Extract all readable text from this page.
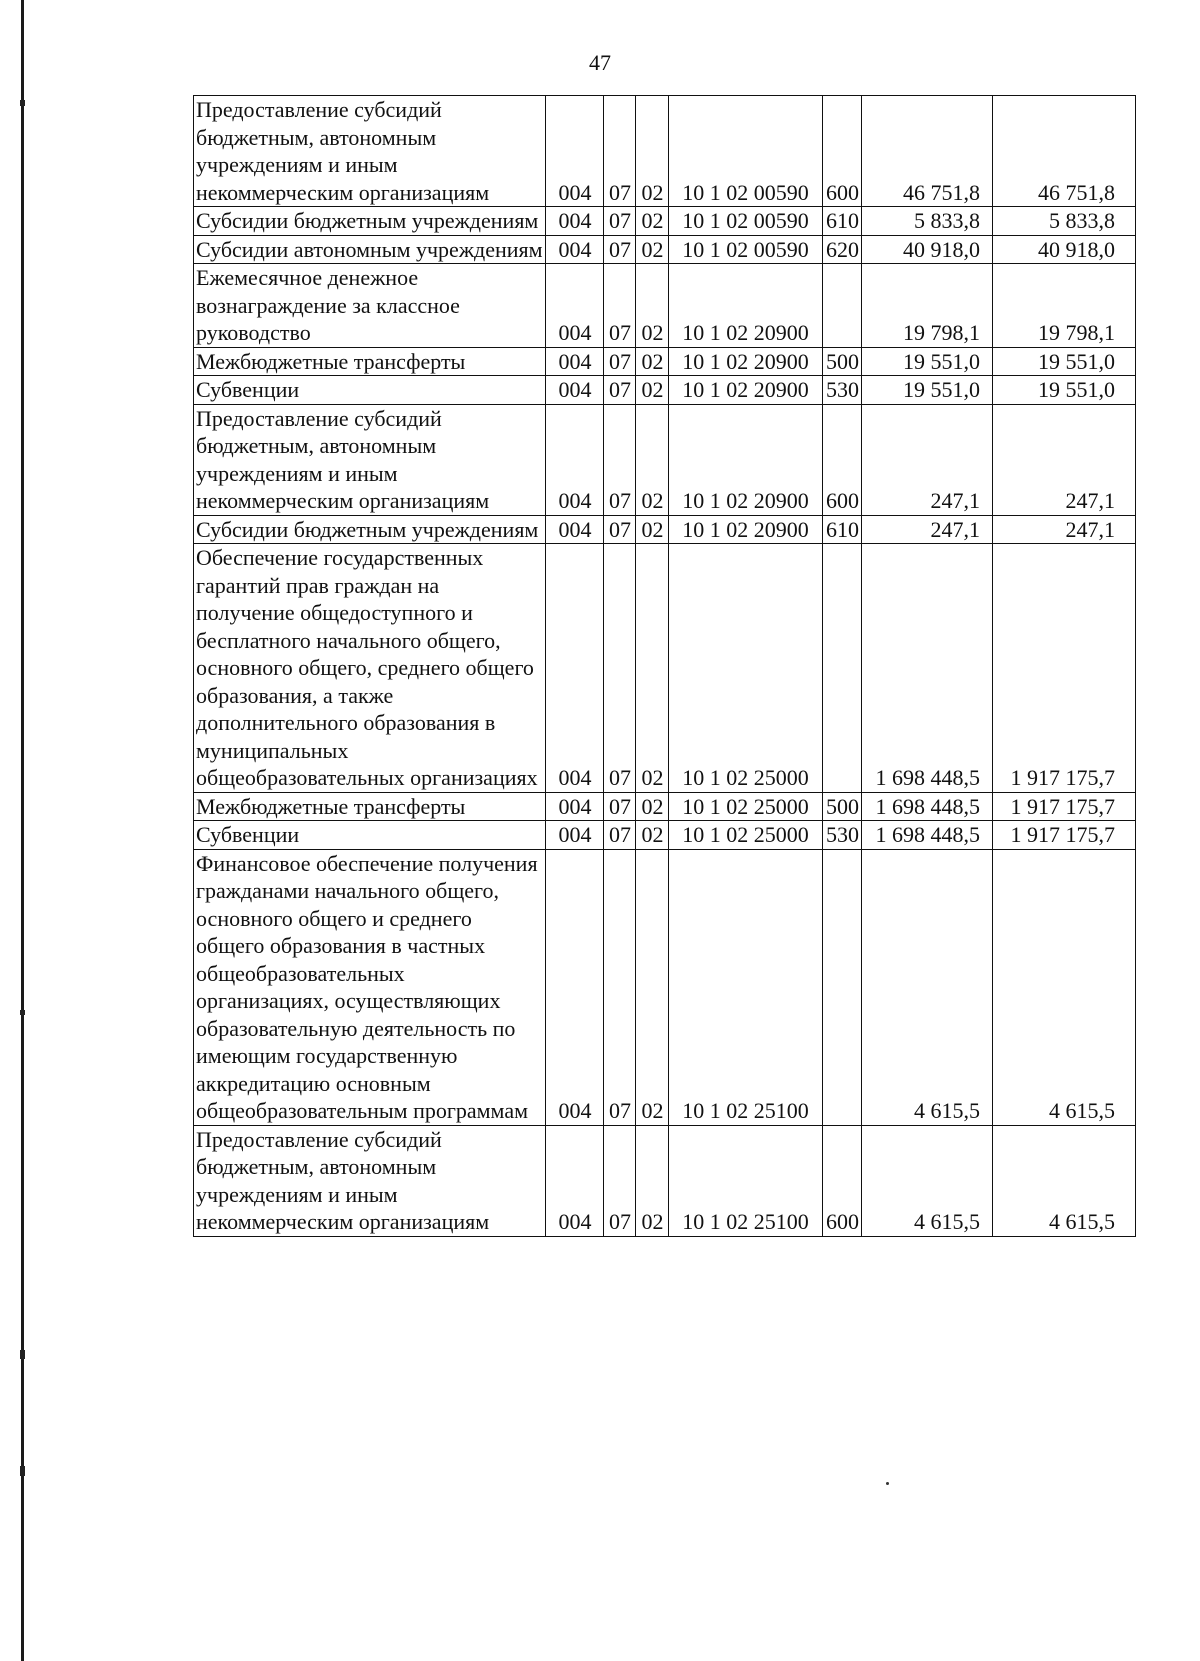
47
Предоставление субсидий бюджетным, автономным учреждениям и иным некоммерческим организациям	004	07	02	10 1 02 00590	600	46 751,8	46 751,8
Субсидии бюджетным учреждениям	004	07	02	10 1 02 00590	610	5 833,8	5 833,8
Субсидии автономным учреждениям	004	07	02	10 1 02 00590	620	40 918,0	40 918,0
Ежемесячное денежное вознаграждение за классное руководство	004	07	02	10 1 02 20900		19 798,1	19 798,1
Межбюджетные трансферты	004	07	02	10 1 02 20900	500	19 551,0	19 551,0
Субвенции	004	07	02	10 1 02 20900	530	19 551,0	19 551,0
Предоставление субсидий бюджетным, автономным учреждениям и иным некоммерческим организациям	004	07	02	10 1 02 20900	600	247,1	247,1
Субсидии бюджетным учреждениям	004	07	02	10 1 02 20900	610	247,1	247,1
Обеспечение государственных гарантий прав граждан на получение общедоступного и бесплатного начального общего, основного общего, среднего общего образования, а также дополнительного образования в муниципальных общеобразовательных организациях	004	07	02	10 1 02 25000		1 698 448,5	1 917 175,7
Межбюджетные трансферты	004	07	02	10 1 02 25000	500	1 698 448,5	1 917 175,7
Субвенции	004	07	02	10 1 02 25000	530	1 698 448,5	1 917 175,7
Финансовое обеспечение получения гражданами начального общего, основного общего и среднего общего образования в частных общеобразовательных организациях, осуществляющих образовательную деятельность по имеющим государственную аккредитацию основным общеобразовательным программам	004	07	02	10 1 02 25100		4 615,5	4 615,5
Предоставление субсидий бюджетным, автономным учреждениям и иным некоммерческим организациям	004	07	02	10 1 02 25100	600	4 615,5	4 615,5
